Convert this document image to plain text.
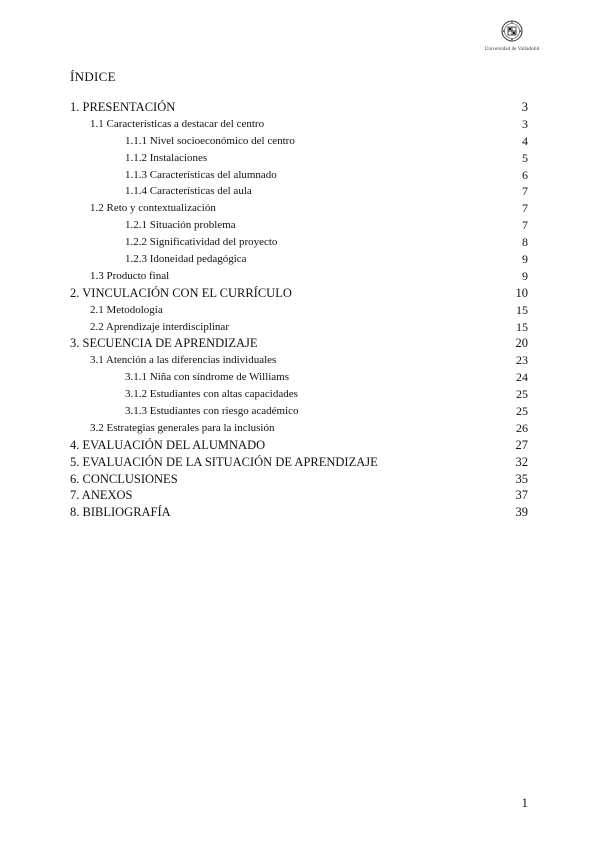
Universidad de Valladolid
ÍNDICE
1. PRESENTACIÓN	3
1.1 Características a destacar del centro	3
1.1.1 Nivel socioeconómico del centro	4
1.1.2 Instalaciones	5
1.1.3 Características del alumnado	6
1.1.4 Características del aula	7
1.2 Reto y contextualización	7
1.2.1 Situación problema	7
1.2.2 Significatividad del proyecto	8
1.2.3 Idoneidad pedagógica	9
1.3 Producto final	9
2. VINCULACIÓN CON EL CURRÍCULO	10
2.1 Metodología	15
2.2 Aprendizaje interdisciplinar	15
3. SECUENCIA DE APRENDIZAJE	20
3.1 Atención a las diferencias individuales	23
3.1.1 Niña con síndrome de Williams	24
3.1.2 Estudiantes con altas capacidades	25
3.1.3 Estudiantes con riesgo académico	25
3.2 Estrategias generales para la inclusión	26
4. EVALUACIÓN DEL ALUMNADO	27
5. EVALUACIÓN DE LA SITUACIÓN DE APRENDIZAJE	32
6. CONCLUSIONES	35
7. ANEXOS	37
8. BIBLIOGRAFÍA	39
1
